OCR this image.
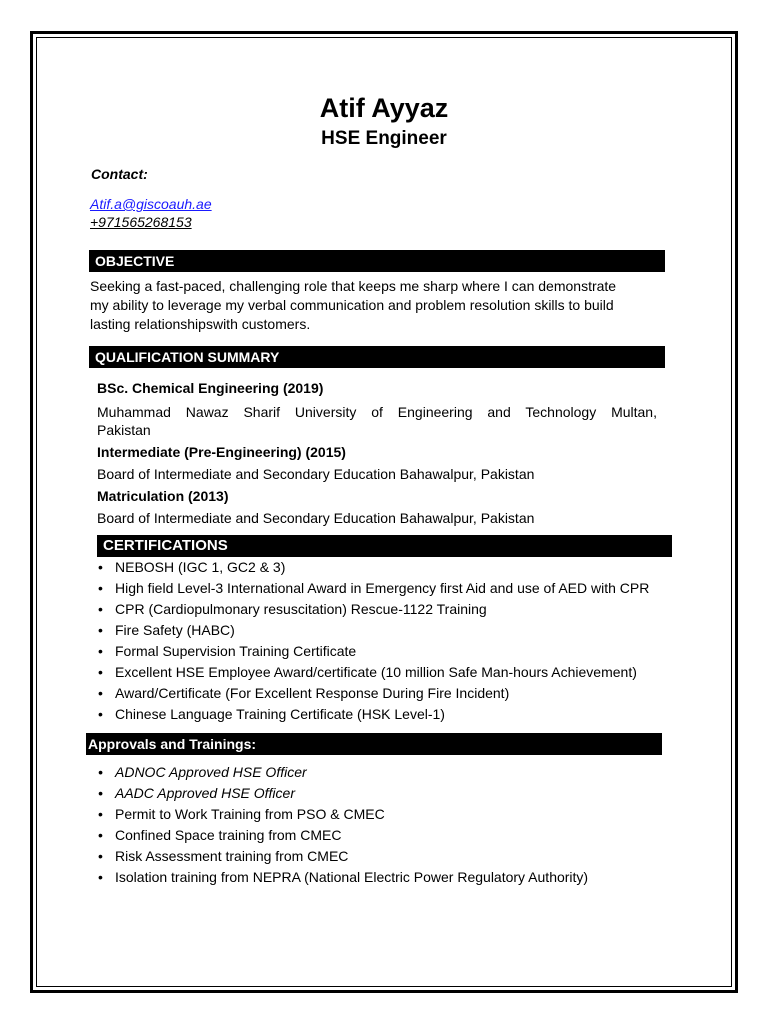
Atif Ayyaz
HSE Engineer
Contact:
Atif.a@giscoauh.ae
+971565268153
OBJECTIVE
Seeking a fast-paced, challenging role that keeps me sharp where I can demonstrate
my ability to leverage my verbal communication and problem resolution skills to build
lasting relationshipswith customers.
QUALIFICATION SUMMARY
BSc. Chemical Engineering (2019)
Muhammad Nawaz Sharif University of Engineering and Technology Multan,
Pakistan
Intermediate (Pre-Engineering) (2015)
Board of Intermediate and Secondary Education Bahawalpur, Pakistan
Matriculation (2013)
Board of Intermediate and Secondary Education Bahawalpur, Pakistan
CERTIFICATIONS
• NEBOSH (IGC 1, GC2 & 3)
• High field Level-3 International Award in Emergency first Aid and use of AED with CPR
• CPR (Cardiopulmonary resuscitation) Rescue-1122 Training
• Fire Safety (HABC)
• Formal Supervision Training Certificate
• Excellent HSE Employee Award/certificate (10 million Safe Man-hours Achievement)
• Award/Certificate (For Excellent Response During Fire Incident)
• Chinese Language Training Certificate (HSK Level-1)
Approvals and Trainings:
• ADNOC Approved HSE Officer
• AADC Approved HSE Officer
• Permit to Work Training from PSO & CMEC
• Confined Space training from CMEC
• Risk Assessment training from CMEC
• Isolation training from NEPRA (National Electric Power Regulatory Authority)
